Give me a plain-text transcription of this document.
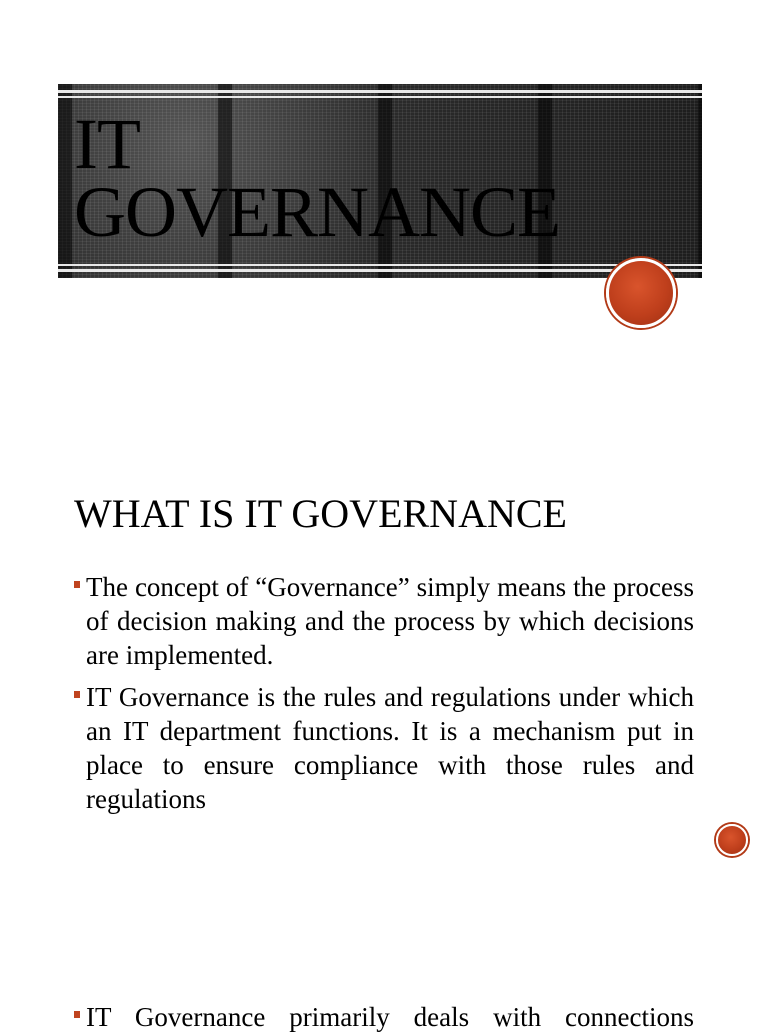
IT
GOVERNANCE
WHAT IS IT GOVERNANCE
The concept of “Governance” simply means the process of decision making and the process by which decisions are implemented.
IT Governance is the rules and regulations under which an IT department functions. It is a mechanism put in place to ensure compliance with those rules and regulations
IT Governance primarily deals with connections
